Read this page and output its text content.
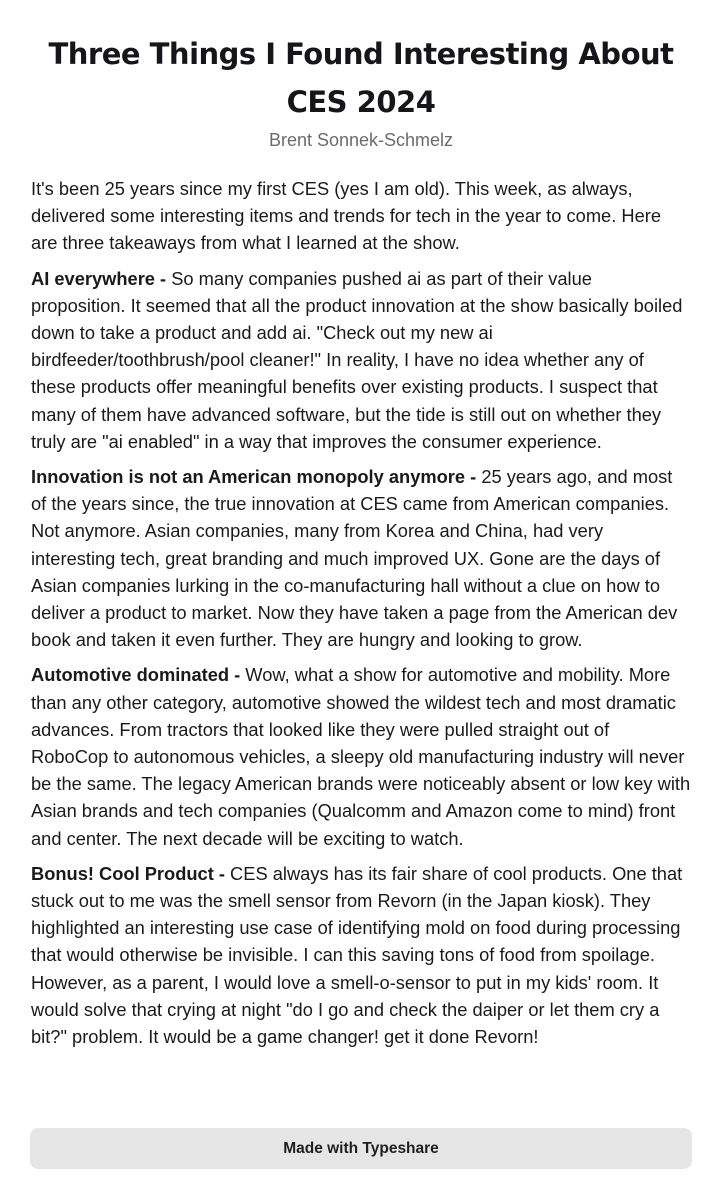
Three Things I Found Interesting About CES 2024
Brent Sonnek-Schmelz

It's been 25 years since my first CES (yes I am old). This week, as always, delivered some interesting items and trends for tech in the year to come. Here are three takeaways from what I learned at the show.

AI everywhere - So many companies pushed ai as part of their value proposition. It seemed that all the product innovation at the show basically boiled down to take a product and add ai. "Check out my new ai birdfeeder/toothbrush/pool cleaner!" In reality, I have no idea whether any of these products offer meaningful benefits over existing products. I suspect that many of them have advanced software, but the tide is still out on whether they truly are "ai enabled" in a way that improves the consumer experience.

Innovation is not an American monopoly anymore - 25 years ago, and most of the years since, the true innovation at CES came from American companies. Not anymore. Asian companies, many from Korea and China, had very interesting tech, great branding and much improved UX. Gone are the days of Asian companies lurking in the co-manufacturing hall without a clue on how to deliver a product to market. Now they have taken a page from the American dev book and taken it even further. They are hungry and looking to grow.

Automotive dominated - Wow, what a show for automotive and mobility. More than any other category, automotive showed the wildest tech and most dramatic advances. From tractors that looked like they were pulled straight out of RoboCop to autonomous vehicles, a sleepy old manufacturing industry will never be the same. The legacy American brands were noticeably absent or low key with Asian brands and tech companies (Qualcomm and Amazon come to mind) front and center. The next decade will be exciting to watch.

Bonus! Cool Product - CES always has its fair share of cool products. One that stuck out to me was the smell sensor from Revorn (in the Japan kiosk). They highlighted an interesting use case of identifying mold on food during processing that would otherwise be invisible. I can this saving tons of food from spoilage. However, as a parent, I would love a smell-o-sensor to put in my kids' room. It would solve that crying at night "do I go and check the daiper or let them cry a bit?" problem. It would be a game changer! get it done Revorn!

Made with Typeshare
